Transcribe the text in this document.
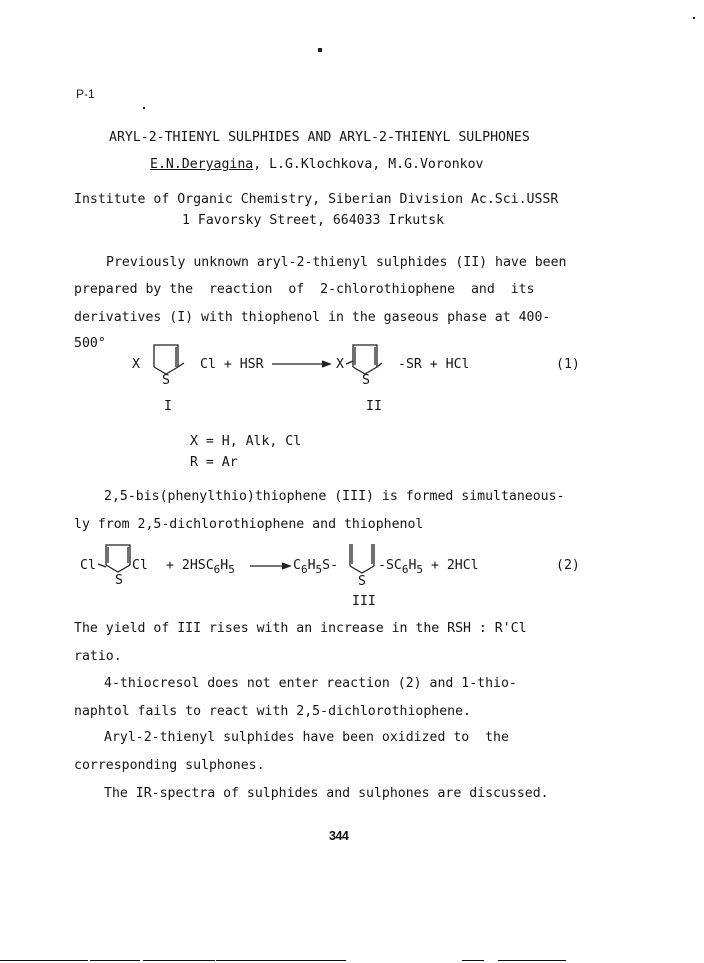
P-1
ARYL-2-THIENYL SULPHIDES AND ARYL-2-THIENYL SULPHONES
E.N.Deryagina, L.G.Klochkova, M.G.Voronkov
Institute of Organic Chemistry, Siberian Division Ac.Sci.USSR
1 Favorsky Street, 664033 Irkutsk
Previously unknown aryl-2-thienyl sulphides (II) have been
prepared by the  reaction  of  2-chlorothiophene  and  its
derivatives (I) with thiophenol in the gaseous phase at 400-
500°
X
S
Cl + HSR → X
S
-SR + HCl	(1)
I	II
X = H, Alk, Cl
R = Ar
2,5-bis(phenylthio)thiophene (III) is formed simultaneous-
ly from 2,5-dichlorothiophene and thiophenol
Cl
S
$Cl + 2HSC_6H_5 \to C_6H_5S-$
S
$-SC_6H_5 + 2HCl$	(2)
III
The yield of III rises with an increase in the RSH : R'Cl
ratio.
4-thiocresol does not enter reaction (2) and 1-thio-
naphtol fails to react with 2,5-dichlorothiophene.
Aryl-2-thienyl sulphides have been oxidized to  the
corresponding sulphones.
The IR-spectra of sulphides and sulphones are discussed.
344
